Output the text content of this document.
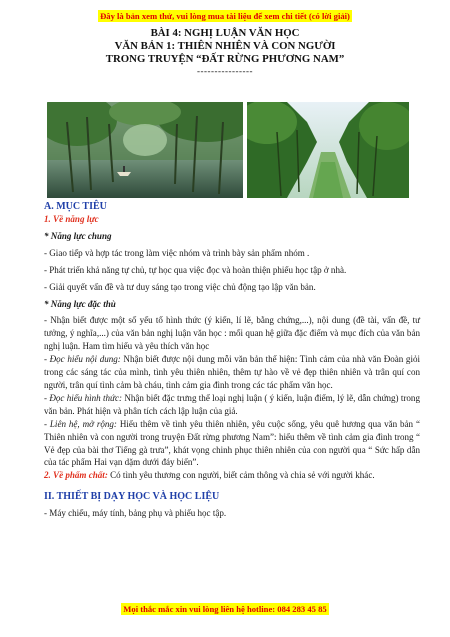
Đây là bản xem thử, vui lòng mua tài liệu để xem chi tiết (có lời giải)
BÀI 4: NGHỊ LUẬN VĂN HỌC
VĂN BẢN 1: THIÊN NHIÊN VÀ CON NGƯỜI
TRONG TRUYỆN “ĐẤT RỪNG PHƯƠNG NAM”
----------------
A. MỤC TIÊU
1. Về năng lực
* Năng lực chung

- Giao tiếp và hợp tác trong làm việc nhóm và trình bày sản phẩm nhóm .

- Phát triển khả năng tự chủ, tự học qua việc đọc và hoàn thiện phiếu học tập ở nhà.

- Giải quyết vấn đề và tư duy sáng tạo trong việc chủ động tạo lập văn bản.

* Năng lực đặc thù

- Nhận biết được một số yếu tố hình thức (ý kiến, lí lẽ, bằng chứng,...), nội dung (đề tài, vấn đề, tư tưởng, ý nghĩa,...) của văn bản nghị luận văn học : mối quan hệ giữa đặc điểm và mục đích của văn bản nghị luận. Ham tìm hiểu và yêu thích văn học

- Đọc hiểu nội dung: Nhận biết được nội dung mỗi văn bản thể hiện: Tình cảm của nhà văn Đoàn giỏi trong các sáng tác của mình, tình yêu thiên nhiên, thêm tự hào về vẻ đẹp thiên nhiên và trân quí con người, trân quí tình cảm bà cháu, tình cảm gia đình trong các tác phẩm văn học.

- Đọc hiểu hình thức: Nhận biết đặc trưng thể loại nghị luận ( ý kiến, luận điểm, lý lẽ, dẫn chứng) trong văn bản. Phát hiện và phân tích cách lập luận của giả.

- Liên hệ, mở rộng: Hiểu thêm về tình yêu thiên nhiên, yêu cuộc sống, yêu quê hương qua văn bản “ Thiên nhiên và con người trong truyện Đất rừng phương Nam”: hiểu thêm về tình cảm gia đình trong “ Vẻ đẹp của bài thơ Tiếng gà trưa”, khát vọng chinh phục thiên nhiên của con người qua “ Sức hấp dẫn của tác phẩm Hai vạn dặm dưới đáy biển”.

2. Về phẩm chất: Có tình yêu thương con người, biết cảm thông và chia sẻ với người khác.

II. THIẾT BỊ DẠY HỌC VÀ HỌC LIỆU

- Máy chiếu, máy tính, bảng phụ và phiếu học tập.

Mọi thắc mắc xin vui lòng liên hệ hotline: 084 283 45 85
